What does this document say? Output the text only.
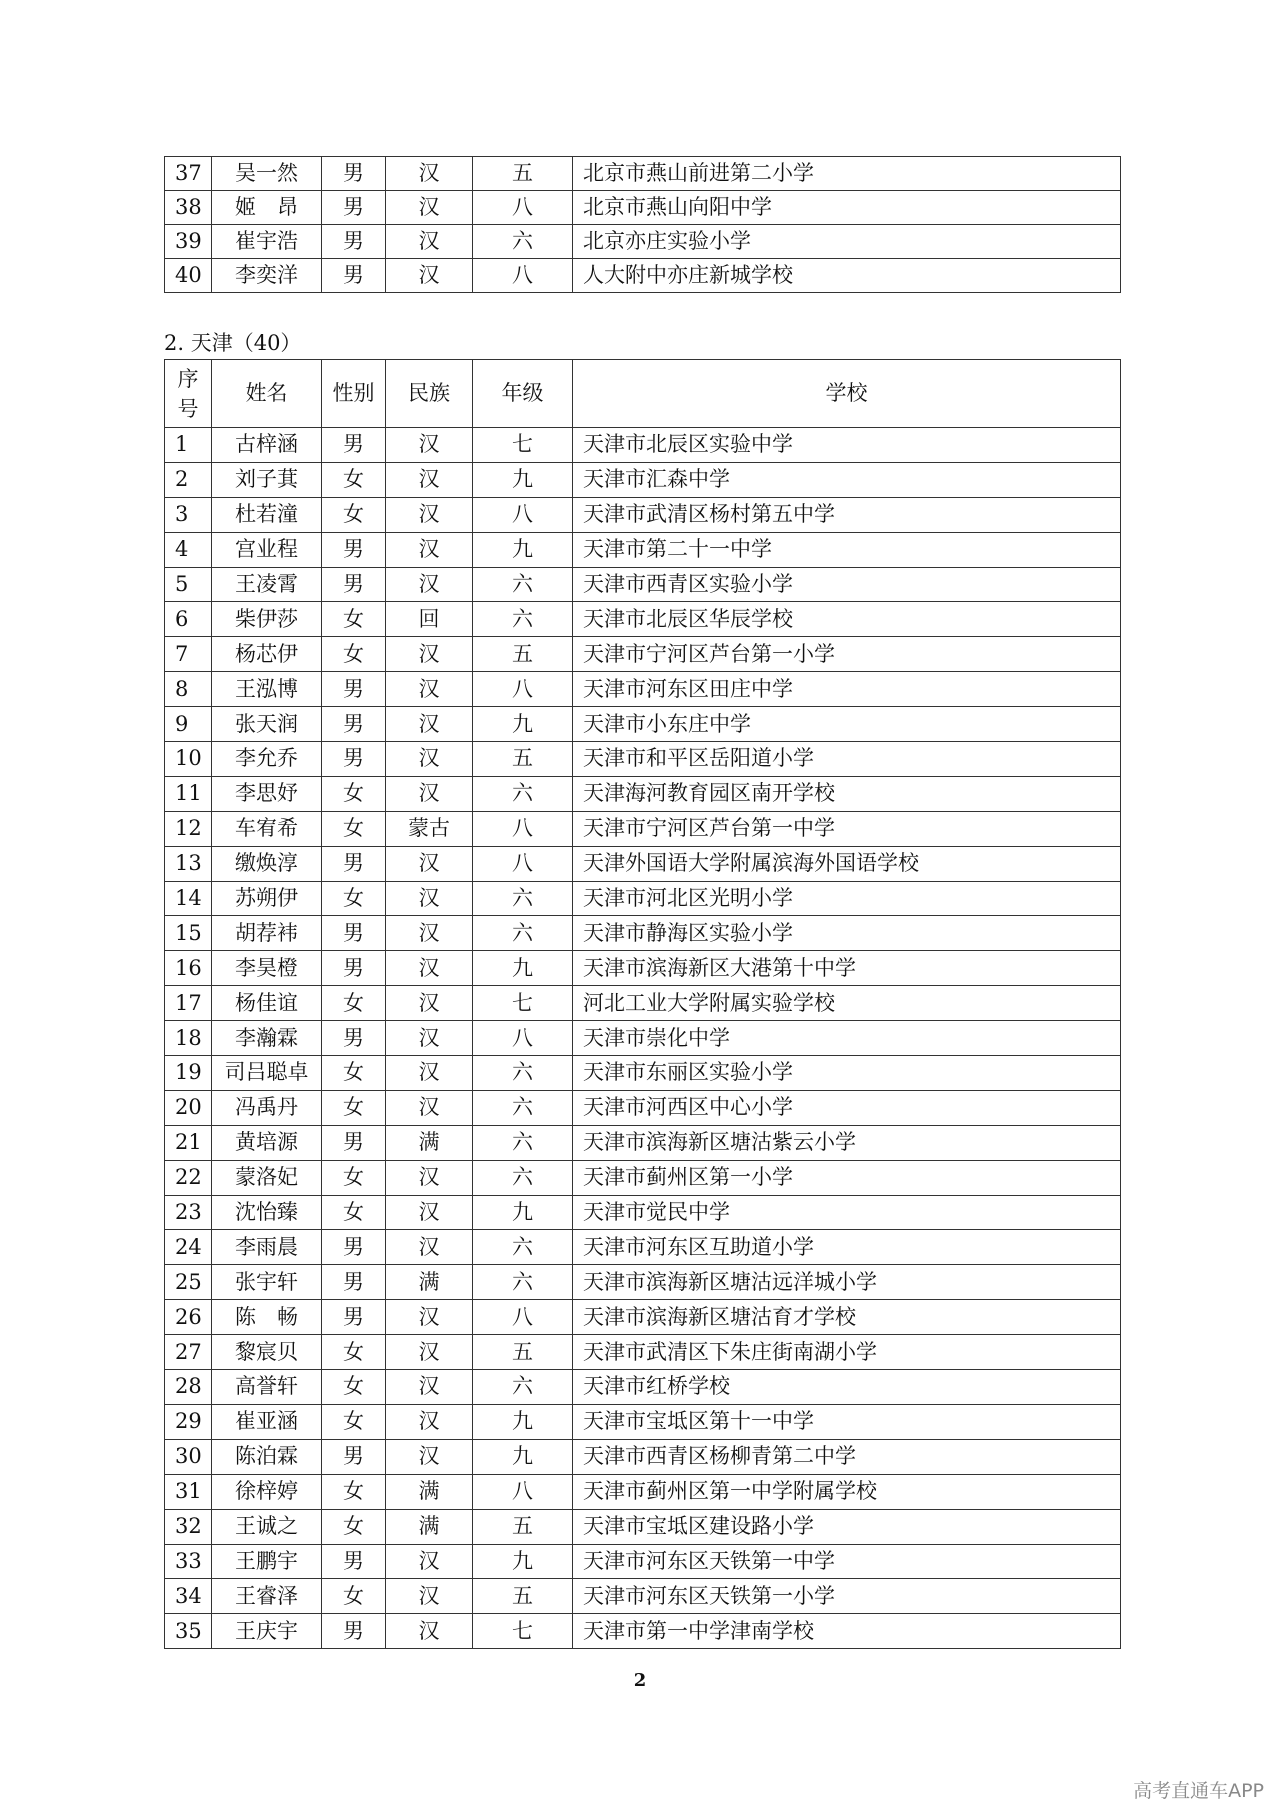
37	吴一然	男	汉	五	北京市燕山前进第二小学
38	姬　昂	男	汉	八	北京市燕山向阳中学
39	崔宇浩	男	汉	六	北京亦庄实验小学
40	李奕洋	男	汉	八	人大附中亦庄新城学校
2. 天津（40）
序
号	姓名	性别	民族	年级	学校
1	古梓涵	男	汉	七	天津市北辰区实验中学
2	刘子萁	女	汉	九	天津市汇森中学
3	杜若潼	女	汉	八	天津市武清区杨村第五中学
4	宫业程	男	汉	九	天津市第二十一中学
5	王凌霄	男	汉	六	天津市西青区实验小学
6	柴伊莎	女	回	六	天津市北辰区华辰学校
7	杨芯伊	女	汉	五	天津市宁河区芦台第一小学
8	王泓博	男	汉	八	天津市河东区田庄中学
9	张天润	男	汉	九	天津市小东庄中学
10	李允乔	男	汉	五	天津市和平区岳阳道小学
11	李思妤	女	汉	六	天津海河教育园区南开学校
12	车宥希	女	蒙古	八	天津市宁河区芦台第一中学
13	缴焕淳	男	汉	八	天津外国语大学附属滨海外国语学校
14	苏朔伊	女	汉	六	天津市河北区光明小学
15	胡荐袆	男	汉	六	天津市静海区实验小学
16	李昊橙	男	汉	九	天津市滨海新区大港第十中学
17	杨佳谊	女	汉	七	河北工业大学附属实验学校
18	李瀚霖	男	汉	八	天津市崇化中学
19	司吕聪卓	女	汉	六	天津市东丽区实验小学
20	冯禹丹	女	汉	六	天津市河西区中心小学
21	黄培源	男	满	六	天津市滨海新区塘沽紫云小学
22	蒙洛妃	女	汉	六	天津市蓟州区第一小学
23	沈怡臻	女	汉	九	天津市觉民中学
24	李雨晨	男	汉	六	天津市河东区互助道小学
25	张宇轩	男	满	六	天津市滨海新区塘沽远洋城小学
26	陈　畅	男	汉	八	天津市滨海新区塘沽育才学校
27	黎宸贝	女	汉	五	天津市武清区下朱庄街南湖小学
28	高誉轩	女	汉	六	天津市红桥学校
29	崔亚涵	女	汉	九	天津市宝坻区第十一中学
30	陈泊霖	男	汉	九	天津市西青区杨柳青第二中学
31	徐梓婷	女	满	八	天津市蓟州区第一中学附属学校
32	王诚之	女	满	五	天津市宝坻区建设路小学
33	王鹏宇	男	汉	九	天津市河东区天铁第一中学
34	王睿泽	女	汉	五	天津市河东区天铁第一小学
35	王庆宇	男	汉	七	天津市第一中学津南学校
2
高考直通车APP
